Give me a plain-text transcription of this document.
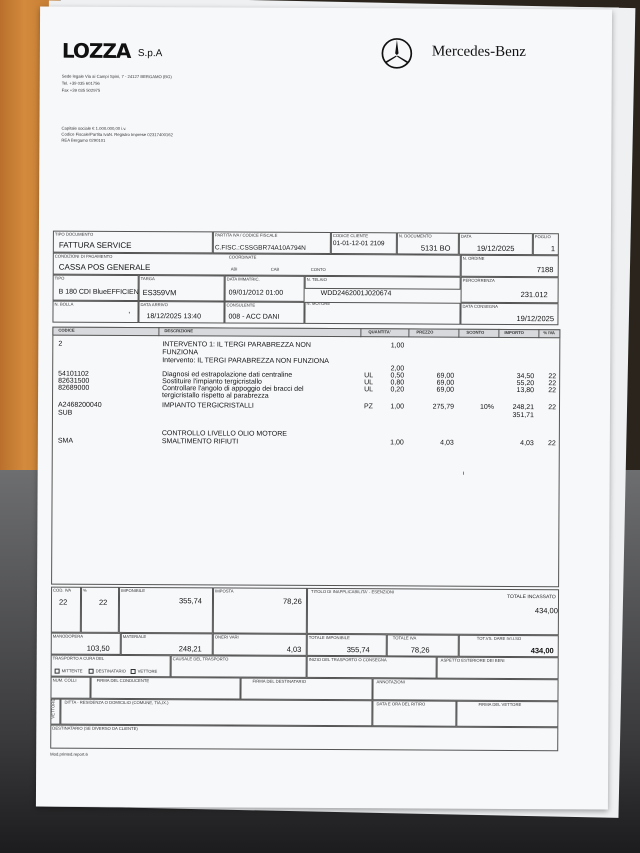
LOZZA S.p.A	Mercedes-Benz
Sede legale Via ai Campi Spini, 7 - 24127 BERGAMO (BG)
Tel. +39 035 601756
Fax +39 035 502975
Capitale sociale € 1.000.000,00 i.v.
Codice Fiscale/Partita IvaN. Registro Imprese 02317400162
REA Bergamo 0290101
TIPO DOCUMENTO
FATTURA SERVICE
PARTITA IVA / CODICE FISCALE
C.FISC.:CSSGBR74A10A794N
CODICE CLIENTE
01-01-12-01 2109
N. DOCUMENTO
5131 BO
DATA
19/12/2025
FOGLIO
1
CONDIZIONI DI PAGAMENTO
CASSA POS GENERALE
COORDINATE
ABI	CAB	CONTO
N. ORDINE
7188
TIPO
B 180 CDI BlueEFFICIEN
TARGA
ES359VM
DATA IMMATRIC.
09/01/2012 01:00
N. TELAIO
WDD2462001J020674
PERCORRENZA
231.012
N. MOTORE
N. BOLLA
'
DATA ARRIVO
18/12/2025 13:40
CONSULENTE
008 - ACC DANI
DATA CONSEGNA
19/12/2025
CODICE	DESCRIZIONE	QUANTITA'	PREZZO	SCONTO	IMPORTO	% IVA
2	INTERVENTO 1: IL TERGI PARABREZZA NON	1,00
FUNZIONA
Intervento: IL TERGI PARABREZZA NON FUNZIONA
2,00
54101102	Diagnosi ed estrapolazione dati centraline	UL	0,50	69,00	34,50	22
82631500	Sostituire l'impianto tergicristallo	UL	0,80	69,00	55,20	22
82689000	Controllare l'angolo di appoggio dei bracci del	UL	0,20	69,00	13,80	22
tergicristallo rispetto al parabrezza
A2468200040	IMPIANTO TERGICRISTALLI	PZ	1,00	275,79	10%	248,21	22
SUB	351,71
CONTROLLO LIVELLO OLIO MOTORE
SMA	SMALTIMENTO RIFIUTI	1,00	4,03	4,03	22
ı
COD. IVA
22
%
22
IMPONIBILE
355,74
IMPOSTA
78,26
TITOLO DI INAPPLICABILITA' - ESENZIONI
TOTALE INCASSATO
434,00
MANODOPERA
103,50
MATERIALE
248,21
ONERI VARI
4,03
TOTALE IMPONIBILE
355,74
TOTALE IVA
78,26
TOT.VS. DARE IVI.I.SO
434,00
TRASPORTO A CURA DEL
MITTENTE	DESTINATARIO	VETTORE
CAUSALE DEL TRASPORTO	INIZIO DEL TRASPORTO O CONSEGNA	ASPETTO ESTERIORE DEI BENI
NUM. COLLI	FIRMA DEL CONDUCENTE	FIRMA DEL DESTINATARIO	ANNOTAZIONI
VETTORE DITTA - RESIDENZA O DOMICILIO (COMUNE, TIA,IX.)	DATA E ORA DEL RITIRO	FIRMA DEL VETTORE
DESTINATARIO (SE DIVERSO DA CLIENTE)
Mod.printed.report.6
